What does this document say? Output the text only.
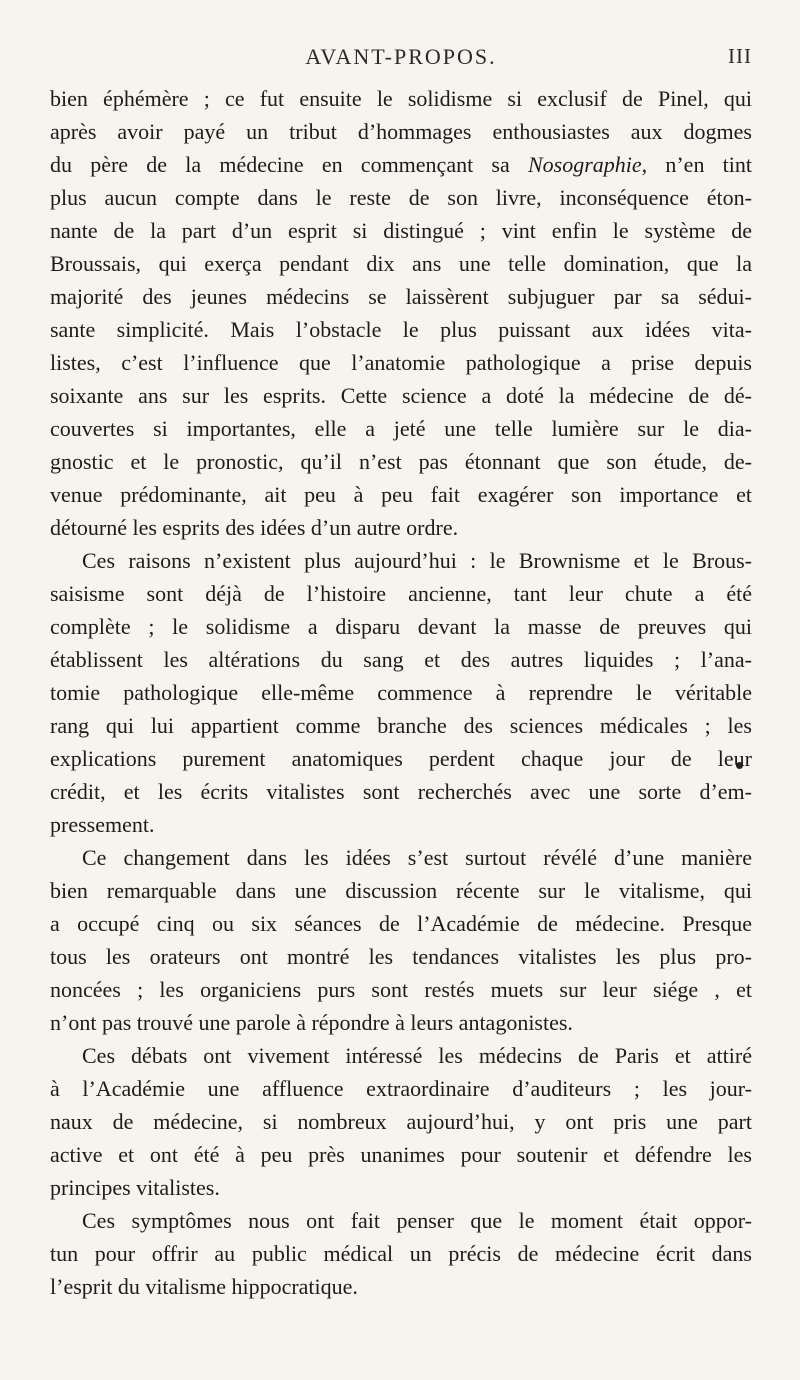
AVANT-PROPOS.	III
bien éphémère ; ce fut ensuite le solidisme si exclusif de Pinel, qui
après avoir payé un tribut d’hommages enthousiastes aux dogmes
du père de la médecine en commençant sa Nosographie, n’en tint
plus aucun compte dans le reste de son livre, inconséquence éton-
nante de la part d’un esprit si distingué ; vint enfin le système de
Broussais, qui exerça pendant dix ans une telle domination, que la
majorité des jeunes médecins se laissèrent subjuguer par sa sédui-
sante simplicité. Mais l’obstacle le plus puissant aux idées vita-
listes, c’est l’influence que l’anatomie pathologique a prise depuis
soixante ans sur les esprits. Cette science a doté la médecine de dé-
couvertes si importantes, elle a jeté une telle lumière sur le dia-
gnostic et le pronostic, qu’il n’est pas étonnant que son étude, de-
venue prédominante, ait peu à peu fait exagérer son importance et
détourné les esprits des idées d’un autre ordre.
Ces raisons n’existent plus aujourd’hui : le Brownisme et le Brous-
saisisme sont déjà de l’histoire ancienne, tant leur chute a été
complète ; le solidisme a disparu devant la masse de preuves qui
établissent les altérations du sang et des autres liquides ; l’ana-
tomie pathologique elle-même commence à reprendre le véritable
rang qui lui appartient comme branche des sciences médicales ; les
explications purement anatomiques perdent chaque jour de leur
crédit, et les écrits vitalistes sont recherchés avec une sorte d’em-
pressement.
Ce changement dans les idées s’est surtout révélé d’une manière
bien remarquable dans une discussion récente sur le vitalisme, qui
a occupé cinq ou six séances de l’Académie de médecine. Presque
tous les orateurs ont montré les tendances vitalistes les plus pro-
noncées ; les organiciens purs sont restés muets sur leur siége , et
n’ont pas trouvé une parole à répondre à leurs antagonistes.
Ces débats ont vivement intéressé les médecins de Paris et attiré
à l’Académie une affluence extraordinaire d’auditeurs ; les jour-
naux de médecine, si nombreux aujourd’hui, y ont pris une part
active et ont été à peu près unanimes pour soutenir et défendre les
principes vitalistes.
Ces symptômes nous ont fait penser que le moment était oppor-
tun pour offrir au public médical un précis de médecine écrit dans
l’esprit du vitalisme hippocratique.
